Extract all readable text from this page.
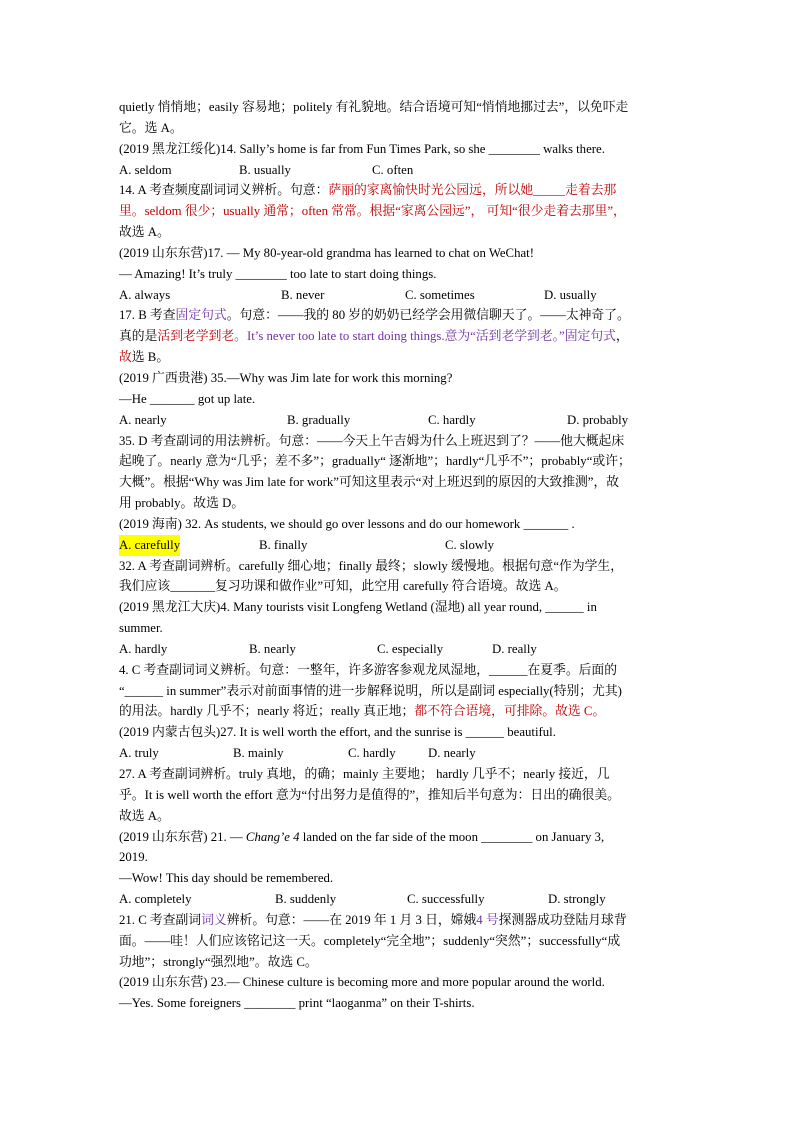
quietly 悄悄地；easily 容易地；polite​ly 有礼貌地。结合语境可知“悄悄地挪过去”，以免吓走
它。选 A。
(2019 黑龙江绥化)14. Sally’s home is far from Fun Times Park, so she ________ walks there.
A. seldom	B. usually	C. often
14. A 考查频度副词词义辨析。句意：萨丽的家离愉快时光公园远，所以她_____走着去那
里。seldom 很少；usually 通常；often 常常。根据“家离公园远”， 可知“很少走着去那里”，
故选 A。
(2019 山东东营)17. — My 80-year-old grandma has learned to chat on WeChat!
— Amazing! It’s truly ________ too late to start doing things.
A. always	B. never	C. sometimes	D. usually
17. B 考查固定句式。句意：——我的 80 岁的奶奶已经学会用微信聊天了。——太神奇了。
真的是活到老学到老。It’s never too late to start doing things.意为“活到老学到老。”固定句式，
故选 B。
(2019 广西贵港) 35.—Why was Jim late for work this morning?
—He _______ got up late.
A. nearly	B. gradually	C. hardly	D. probably
35. D 考查副词的用法辨析。句意：——今天上午吉姆为什么上班迟到了？——他大概起床
起晚了。nearly 意为“几乎；差不多”；gradually“ 逐渐地”；hardly“几乎不”；probably“或许；
大概”。根据“Why was Jim late for work”可知这里表示“对上班迟到的原因的大致推测”，故
用 probably。故选 D。
(2019 海南) 32. As students, we should go over lessons and do our homework _______ .
A. carefully	B. finally	C. slowly
32. A 考查副词辨析。carefully 细心地；finally 最终；slowly 缓慢地。根据句意“作为学生，
我们应该_______复习功课和做作业”可知，此空用 carefully 符合语境。故选 A。
(2019 黑龙江大庆)4. Many tourists visit Longfeng Wetland (湿地) all year round, ______ in
summer.
A. hardly	B. nearly	C. especially	D. really
4. C 考查副词词义辨析。句意：一整年，许多游客参观龙凤湿地，______在夏季。后面的
“______ in summer”表示对前面事情的进一步解释说明，所以是副词 especially(特别；尤其)
的用法。hardly 几乎不；nearly 将近；really 真正地；都不符合语境，可排除。故选 C。
(2019 内蒙古包头)27. It is well worth the effort, and the sunrise is ______ beautiful.
A. truly	B. mainly	C. hardly	D. nearly
27. A 考查副词辨析。truly 真地，的确；mainly 主要地； hardly 几乎不；nearly 接近，几
乎。It is well worth the effort 意为“付出努力是值得的”，推知后半句意为：日出的确很美。
故选 A。
(2019 山东东营) 21. — Chang’e 4 landed on the far side of the moon ________ on January 3,
2019.
—Wow! This day should be remembered.
A. completely	B. suddenly	C. successfully	D. strongly
21. C 考查副词词义辨析。句意：——在 2019 年 1 月 3 日，嫦娥4 号探测器成功登陆月球背
面。——哇！人们应该铭记这一天。completely“完全地”；suddenly“突然”；successfully“成
功地”；strongly“强烈地”。故选 C。
(2019 山东东营) 23.— Chinese culture is becoming more and more popular around the world.
—Yes. Some foreigners ________ print “laoganma” on their T-shirts.
